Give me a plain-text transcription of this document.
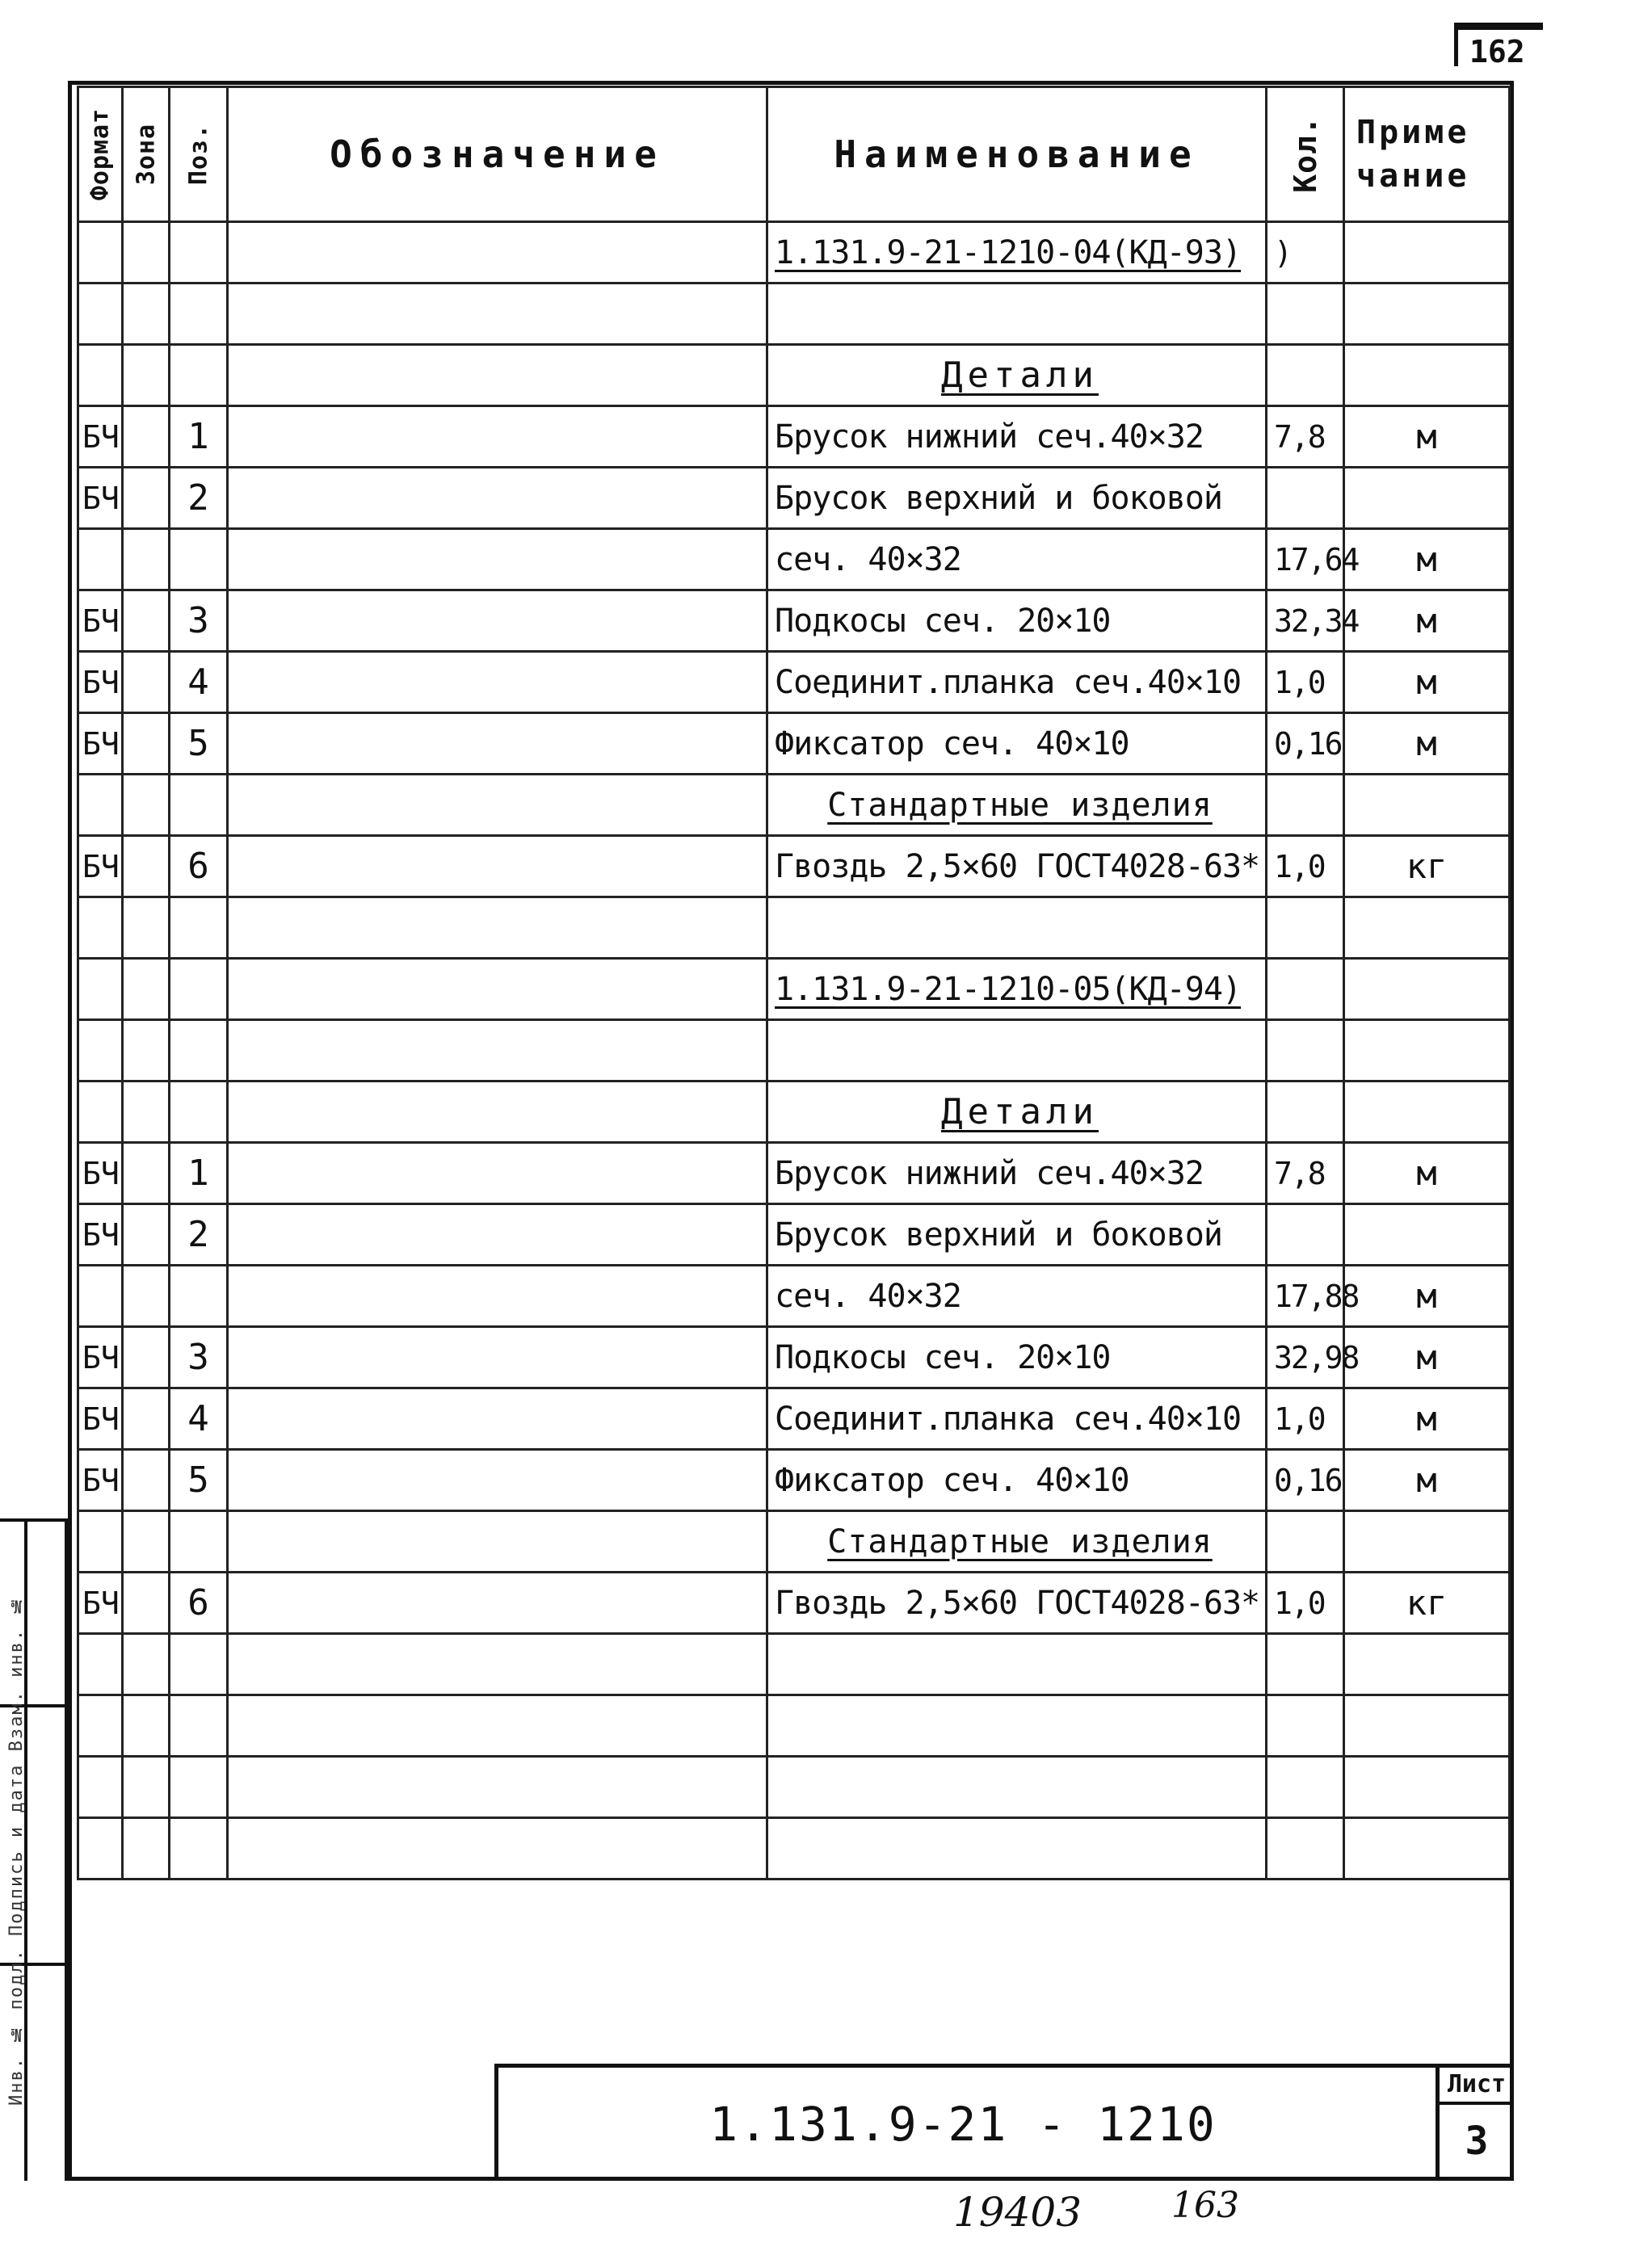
162
Формат	Зона	Поз.	Обозначение	Наименование	Кол.	Приме чание
				1.131.9-21-1210-04(КД-93)	)	

				Детали		
БЧ		1		Брусок нижний сеч.40×32	7,8	м
БЧ		2		Брусок верхний и боковой		
				сеч. 40×32	17,64	м
БЧ		3		Подкосы сеч. 20×10	32,34	м
БЧ		4		Соединит.планка сеч.40×10	1,0	м
БЧ		5		Фиксатор сеч. 40×10	0,16	м
				Стандартные изделия		
БЧ		6		Гвоздь 2,5×60 ГОСТ4028-63*	1,0	кг

				1.131.9-21-1210-05(КД-94)		

				Детали		
БЧ		1		Брусок нижний сеч.40×32	7,8	м
БЧ		2		Брусок верхний и боковой		
				сеч. 40×32	17,88	м
БЧ		3		Подкосы сеч. 20×10	32,98	м
БЧ		4		Соединит.планка сеч.40×10	1,0	м
БЧ		5		Фиксатор сеч. 40×10	0,16	м
				Стандартные изделия		
БЧ		6		Гвоздь 2,5×60 ГОСТ4028-63*	1,0	кг

Инв. № подл. Подпись и дата Взам. инв. №
1.131.9-21 - 1210
Лист
3
19403	163
